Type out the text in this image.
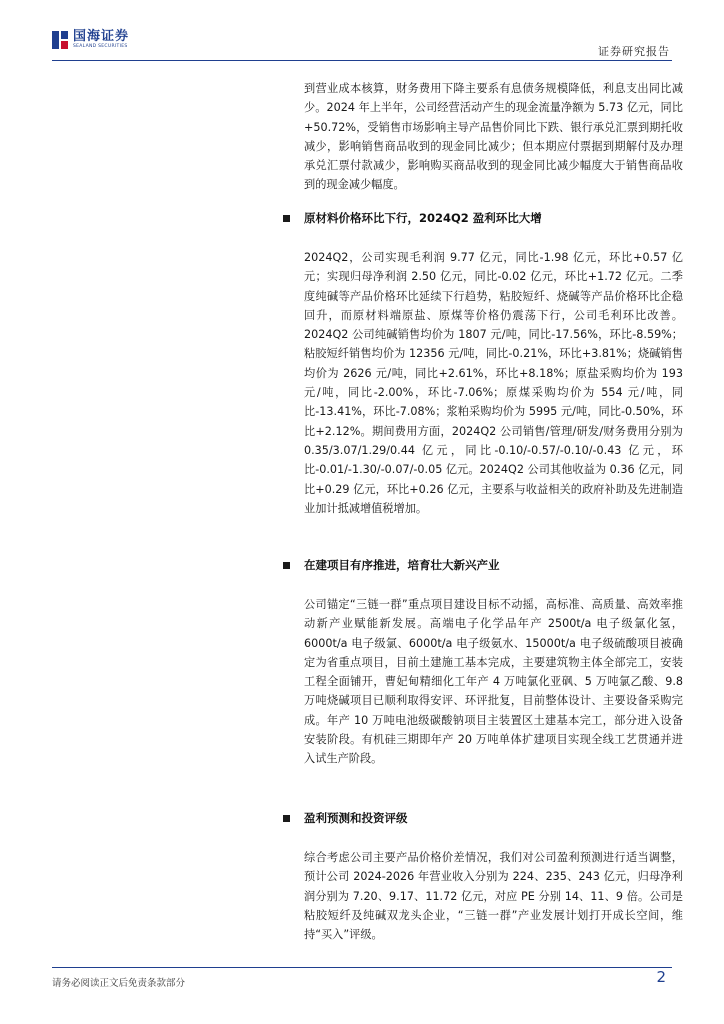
国海证券
SEALAND SECURITIES	证券研究报告

到营业成本核算，财务费用下降主要系有息债务规模降低，利息支出同比减少。2024 年上半年，公司经营活动产生的现金流量净额为 5.73 亿元，同比+50.72%，受销售市场影响主导产品售价同比下跌、银行承兑汇票到期托收减少，影响销售商品收到的现金同比减少；但本期应付票据到期解付及办理承兑汇票付款减少，影响购买商品收到的现金同比减少幅度大于销售商品收到的现金减少幅度。

原材料价格环比下行，2024Q2 盈利环比大增

2024Q2，公司实现毛利润 9.77 亿元，同比-1.98 亿元，环比+0.57 亿元；实现归母净利润 2.50 亿元，同比-0.02 亿元，环比+1.72 亿元。二季度纯碱等产品价格环比延续下行趋势，粘胶短纤、烧碱等产品价格环比企稳回升，而原材料端原盐、原煤等价格仍震荡下行，公司毛利环比改善。2024Q2 公司纯碱销售均价为 1807 元/吨，同比-17.56%，环比-8.59%；粘胶短纤销售均价为 12356 元/吨，同比-0.21%，环比+3.81%；烧碱销售均价为 2626 元/吨，同比+2.61%，环比+8.18%；原盐采购均价为 193 元/吨，同比-2.00%，环比-7.06%；原煤采购均价为 554 元/吨，同比-13.41%，环比-7.08%；浆粕采购均价为 5995 元/吨，同比-0.50%，环比+2.12%。期间费用方面，2024Q2 公司销售/管理/研发/财务费用分别为 0.35/3.07/1.29/0.44 亿元，同比-0.10/-0.57/-0.10/-0.43 亿元，环比-0.01/-1.30/-0.07/-0.05 亿元。2024Q2 公司其他收益为 0.36 亿元，同比+0.29 亿元，环比+0.26 亿元，主要系与收益相关的政府补助及先进制造业加计抵减增值税增加。

在建项目有序推进，培育壮大新兴产业

公司锚定“三链一群”重点项目建设目标不动摇，高标准、高质量、高效率推动新产业赋能新发展。高端电子化学品年产 2500t/a 电子级氯化氢，6000t/a 电子级氯、6000t/a 电子级氨水、15000t/a 电子级硫酸项目被确定为省重点项目，目前土建施工基本完成，主要建筑物主体全部完工，安装工程全面铺开，曹妃甸精细化工年产 4 万吨氯化亚砜、5 万吨氯乙酸、9.8 万吨烧碱项目已顺利取得安评、环评批复，目前整体设计、主要设备采购完成。年产 10 万吨电池级碳酸钠项目主装置区土建基本完工，部分进入设备安装阶段。有机硅三期即年产 20 万吨单体扩建项目实现全线工艺贯通并进入试生产阶段。

盈利预测和投资评级

综合考虑公司主要产品价格价差情况，我们对公司盈利预测进行适当调整，预计公司 2024-2026 年营业收入分别为 224、235、243 亿元，归母净利润分别为 7.20、9.17、11.72 亿元，对应 PE 分别 14、11、9 倍。公司是粘胶短纤及纯碱双龙头企业，“三链一群”产业发展计划打开成长空间，维持“买入”评级。

请务必阅读正文后免责条款部分	2
